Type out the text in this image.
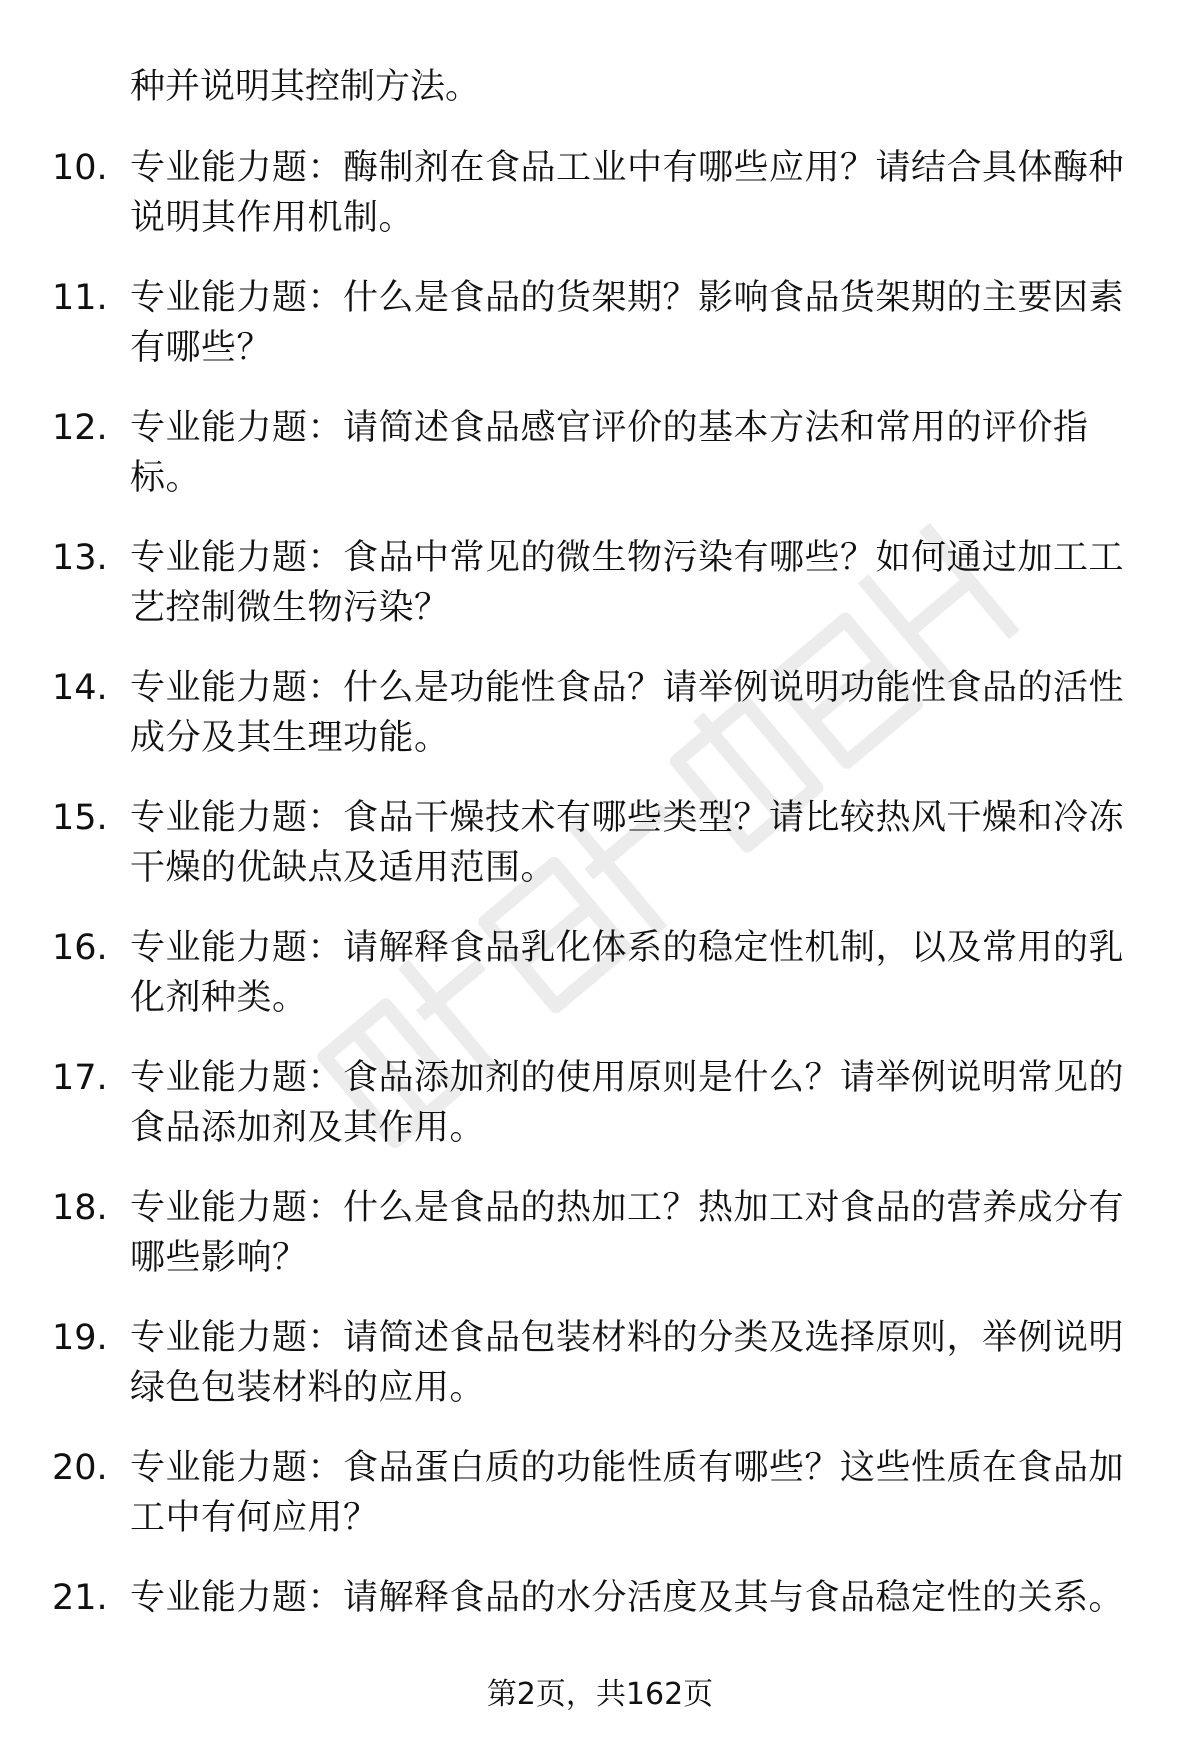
种并说明其控制方法。
10. 专业能力题：酶制剂在食品工业中有哪些应用？请结合具体酶种说明其作用机制。
11. 专业能力题：什么是食品的货架期？影响食品货架期的主要因素有哪些？
12. 专业能力题：请简述食品感官评价的基本方法和常用的评价指标。
13. 专业能力题：食品中常见的微生物污染有哪些？如何通过加工工艺控制微生物污染？
14. 专业能力题：什么是功能性食品？请举例说明功能性食品的活性成分及其生理功能。
15. 专业能力题：食品干燥技术有哪些类型？请比较热风干燥和冷冻干燥的优缺点及适用范围。
16. 专业能力题：请解释食品乳化体系的稳定性机制，以及常用的乳化剂种类。
17. 专业能力题：食品添加剂的使用原则是什么？请举例说明常见的食品添加剂及其作用。
18. 专业能力题：什么是食品的热加工？热加工对食品的营养成分有哪些影响？
19. 专业能力题：请简述食品包装材料的分类及选择原则，举例说明绿色包装材料的应用。
20. 专业能力题：食品蛋白质的功能性质有哪些？这些性质在食品加工中有何应用？
21. 专业能力题：请解释食品的水分活度及其与食品稳定性的关系。
第2页，共162页
